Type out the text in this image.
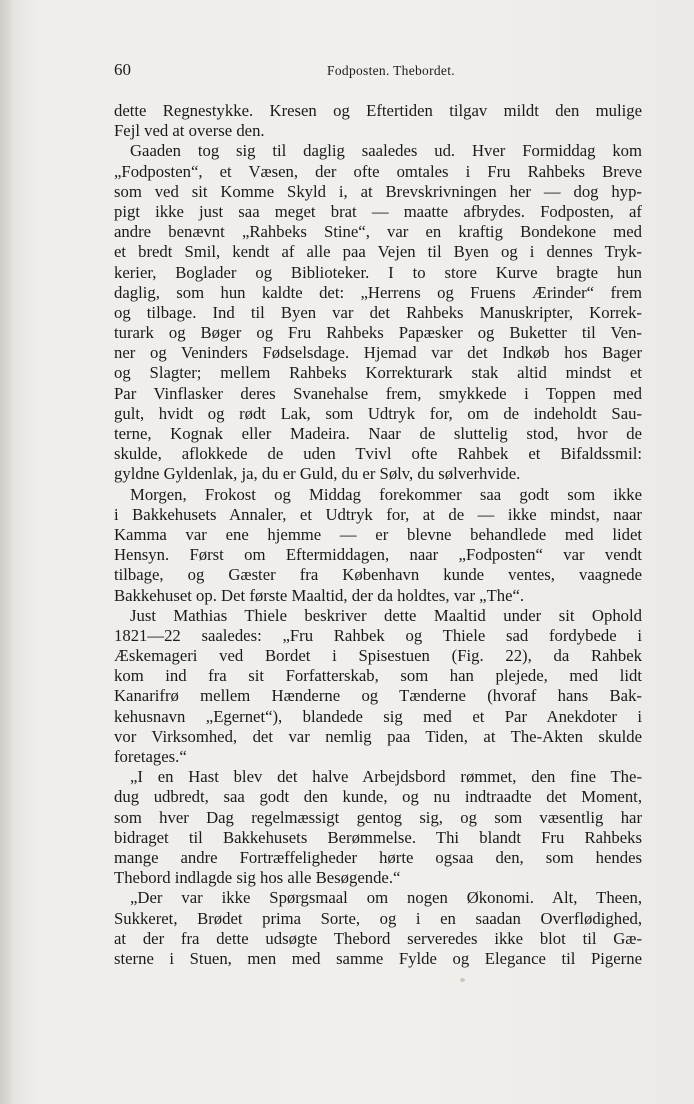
60	Fodposten. Thebordet.
dette Regnestykke. Kresen og Eftertiden tilgav mildt den mulige
Fejl ved at overse den.
Gaaden tog sig til daglig saaledes ud. Hver Formiddag kom
„Fodposten“, et Væsen, der ofte omtales i Fru Rahbeks Breve
som ved sit Komme Skyld i, at Brevskrivningen her — dog hyp-
pigt ikke just saa meget brat — maatte afbrydes. Fodposten, af
andre benævnt „Rahbeks Stine“, var en kraftig Bondekone med
et bredt Smil, kendt af alle paa Vejen til Byen og i dennes Tryk-
kerier, Boglader og Biblioteker. I to store Kurve bragte hun
daglig, som hun kaldte det: „Herrens og Fruens Ærinder“ frem
og tilbage. Ind til Byen var det Rahbeks Manuskripter, Korrek-
turark og Bøger og Fru Rahbeks Papæsker og Buketter til Ven-
ner og Veninders Fødselsdage. Hjemad var det Indkøb hos Bager
og Slagter; mellem Rahbeks Korrekturark stak altid mindst et
Par Vinflasker deres Svanehalse frem, smykkede i Toppen med
gult, hvidt og rødt Lak, som Udtryk for, om de indeholdt Sau-
terne, Kognak eller Madeira. Naar de sluttelig stod, hvor de
skulde, aflokkede de uden Tvivl ofte Rahbek et Bifaldssmil:
gyldne Gyldenlak, ja, du er Guld, du er Sølv, du sølverhvide.
Morgen, Frokost og Middag forekommer saa godt som ikke
i Bakkehusets Annaler, et Udtryk for, at de — ikke mindst, naar
Kamma var ene hjemme — er blevne behandlede med lidet
Hensyn. Først om Eftermiddagen, naar „Fodposten“ var vendt
tilbage, og Gæster fra København kunde ventes, vaagnede
Bakkehuset op. Det første Maaltid, der da holdtes, var „The“.
Just Mathias Thiele beskriver dette Maaltid under sit Ophold
1821—22 saaledes: „Fru Rahbek og Thiele sad fordybede i
Æskemageri ved Bordet i Spisestuen (Fig. 22), da Rahbek
kom ind fra sit Forfatterskab, som han plejede, med lidt
Kanarifrø mellem Hænderne og Tænderne (hvoraf hans Bak-
kehusnavn „Egernet“), blandede sig med et Par Anekdoter i
vor Virksomhed, det var nemlig paa Tiden, at The-Akten skulde
foretages.“
„I en Hast blev det halve Arbejdsbord rømmet, den fine The-
dug udbredt, saa godt den kunde, og nu indtraadte det Moment,
som hver Dag regelmæssigt gentog sig, og som væsentlig har
bidraget til Bakkehusets Berømmelse. Thi blandt Fru Rahbeks
mange andre Fortræffeligheder hørte ogsaa den, som hendes
Thebord indlagde sig hos alle Besøgende.“
„Der var ikke Spørgsmaal om nogen Økonomi. Alt, Theen,
Sukkeret, Brødet prima Sorte, og i en saadan Overflødighed,
at der fra dette udsøgte Thebord serveredes ikke blot til Gæ-
sterne i Stuen, men med samme Fylde og Elegance til Pigerne
